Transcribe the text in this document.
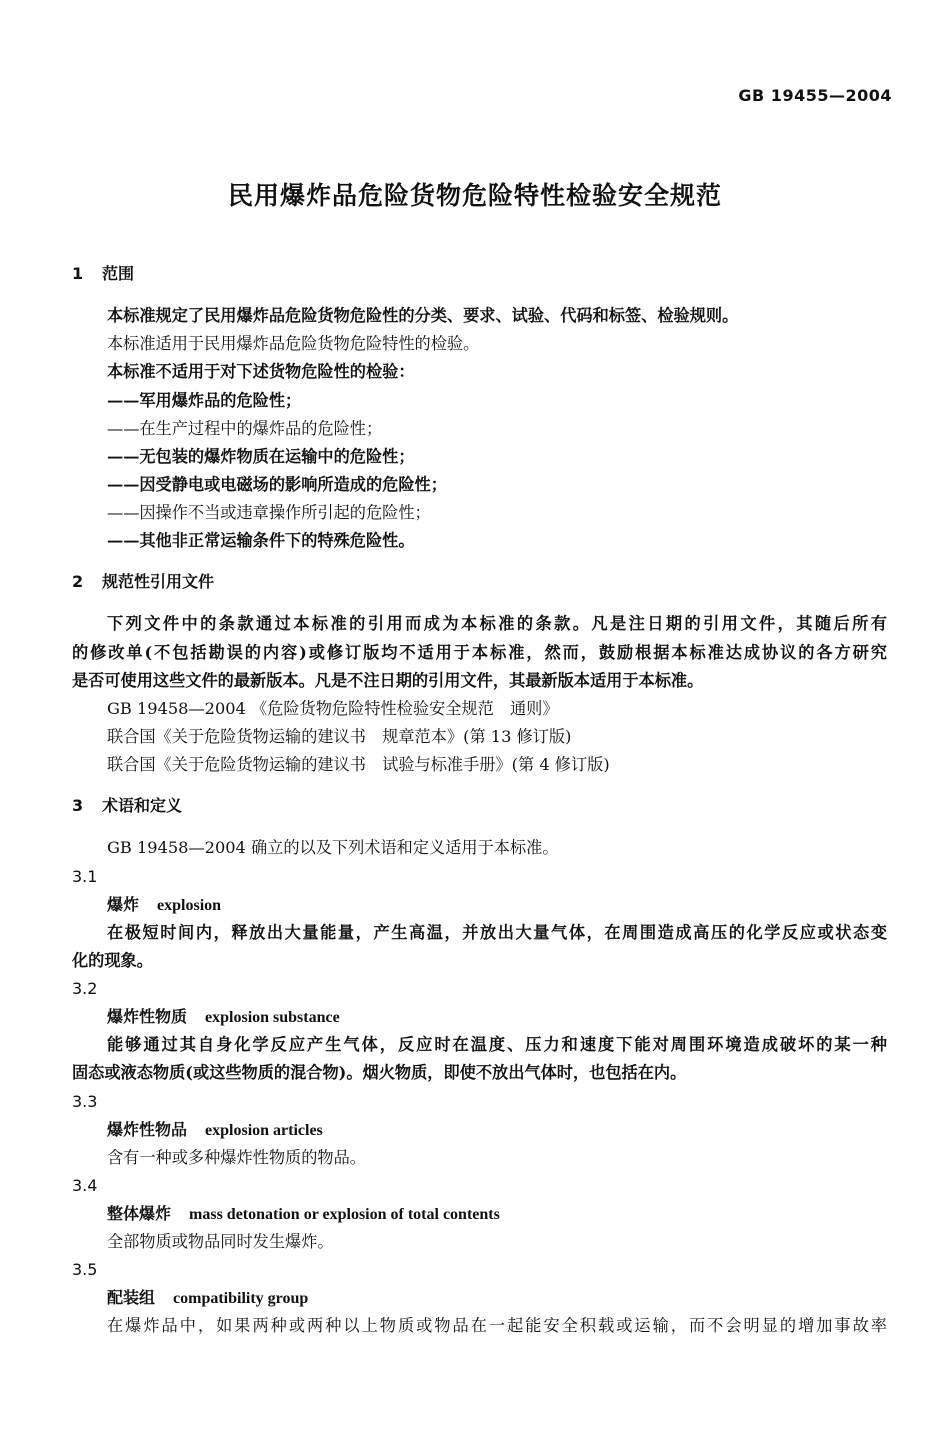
GB 19455—2004
民用爆炸品危险货物危险特性检验安全规范
1 范围
本标准规定了民用爆炸品危险货物危险性的分类、要求、试验、代码和标签、检验规则。
本标准适用于民用爆炸品危险货物危险特性的检验。
本标准不适用于对下述货物危险性的检验：
——军用爆炸品的危险性；
——在生产过程中的爆炸品的危险性；
——无包装的爆炸物质在运输中的危险性；
——因受静电或电磁场的影响所造成的危险性；
——因操作不当或违章操作所引起的危险性；
——其他非正常运输条件下的特殊危险性。
2 规范性引用文件
下列文件中的条款通过本标准的引用而成为本标准的条款。凡是注日期的引用文件，其随后所有
的修改单(不包括勘误的内容)或修订版均不适用于本标准，然而，鼓励根据本标准达成协议的各方研究
是否可使用这些文件的最新版本。凡是不注日期的引用文件，其最新版本适用于本标准。
GB 19458—2004 《危险货物危险特性检验安全规范　通则》
联合国《关于危险货物运输的建议书　规章范本》(第 13 修订版)
联合国《关于危险货物运输的建议书　试验与标准手册》(第 4 修订版)
3 术语和定义
GB 19458—2004 确立的以及下列术语和定义适用于本标准。
3.1
爆炸 explosion
在极短时间内，释放出大量能量，产生高温，并放出大量气体，在周围造成高压的化学反应或状态变
化的现象。
3.2
爆炸性物质 explosion substance
能够通过其自身化学反应产生气体，反应时在温度、压力和速度下能对周围环境造成破坏的某一种
固态或液态物质(或这些物质的混合物)。烟火物质，即使不放出气体时，也包括在内。
3.3
爆炸性物品 explosion articles
含有一种或多种爆炸性物质的物品。
3.4
整体爆炸 mass detonation or explosion of total contents
全部物质或物品同时发生爆炸。
3.5
配装组 compatibility group
在爆炸品中，如果两种或两种以上物质或物品在一起能安全积载或运输，而不会明显的增加事故率
